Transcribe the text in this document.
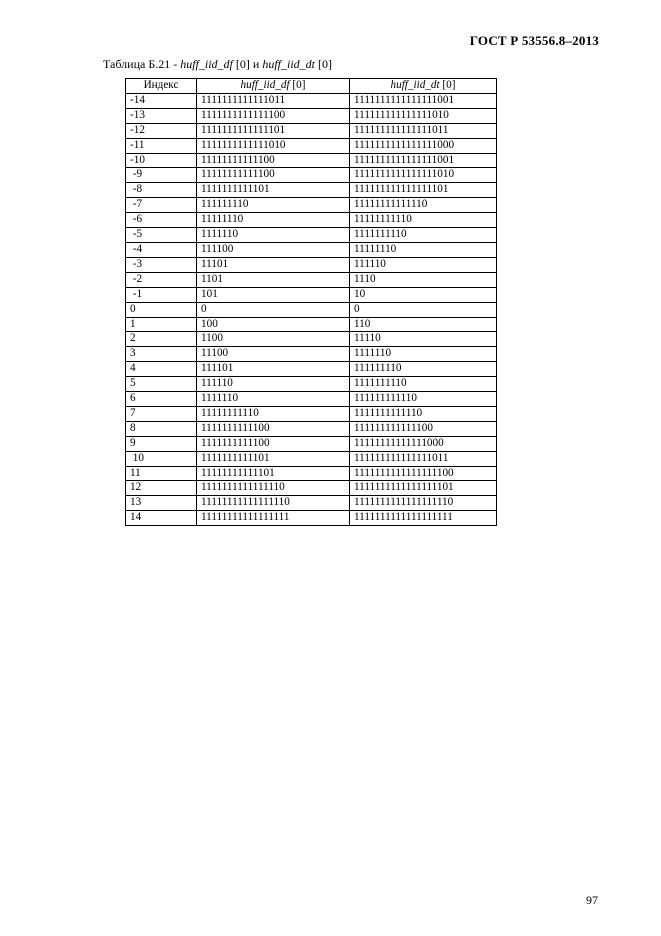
ГОСТ Р 53556.8–2013
Таблица Б.21 - huff_iid_df [0] и huff_iid_dt [0]
Индекс	huff_iid_df [0]	huff_iid_dt [0]
-14	1111111111111011	1111111111111111001
-13	1111111111111100	111111111111111010
-12	1111111111111101	111111111111111011
-11	1111111111111010	1111111111111111000
-10	11111111111100	1111111111111111001
-9	11111111111100	1111111111111111010
-8	1111111111101	111111111111111101
-7	111111110	11111111111110
-6	11111110	11111111110
-5	1111110	1111111110
-4	111100	11111110
-3	11101	111110
-2	1101	1110
-1	101	10
0	0	0
1	100	110
2	1100	11110
3	11100	1111110
4	111101	111111110
5	111110	1111111110
6	1111110	111111111110
7	11111111110	1111111111110
8	1111111111100	111111111111100
9	1111111111100	11111111111111000
10	1111111111101	111111111111111011
11	11111111111101	1111111111111111100
12	1111111111111110	1111111111111111101
13	11111111111111110	1111111111111111110
14	11111111111111111	1111111111111111111
97
